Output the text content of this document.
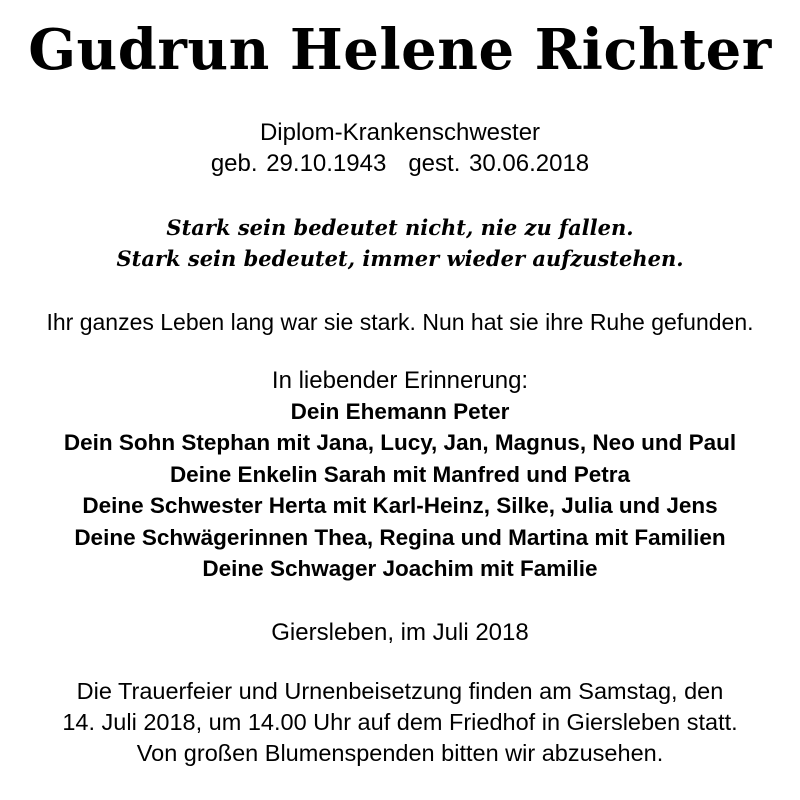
Gudrun Helene Richter
Diplom-Krankenschwester
geb. 29.10.1943 gest. 30.06.2018
Stark sein bedeutet nicht, nie zu fallen.
Stark sein bedeutet, immer wieder aufzustehen.
Ihr ganzes Leben lang war sie stark. Nun hat sie ihre Ruhe gefunden.
In liebender Erinnerung:
Dein Ehemann Peter
Dein Sohn Stephan mit Jana, Lucy, Jan, Magnus, Neo und Paul
Deine Enkelin Sarah mit Manfred und Petra
Deine Schwester Herta mit Karl-Heinz, Silke, Julia und Jens
Deine Schwägerinnen Thea, Regina und Martina mit Familien
Deine Schwager Joachim mit Familie
Giersleben, im Juli 2018
Die Trauerfeier und Urnenbeisetzung finden am Samstag, den
14. Juli 2018, um 14.00 Uhr auf dem Friedhof in Giersleben statt.
Von großen Blumenspenden bitten wir abzusehen.
